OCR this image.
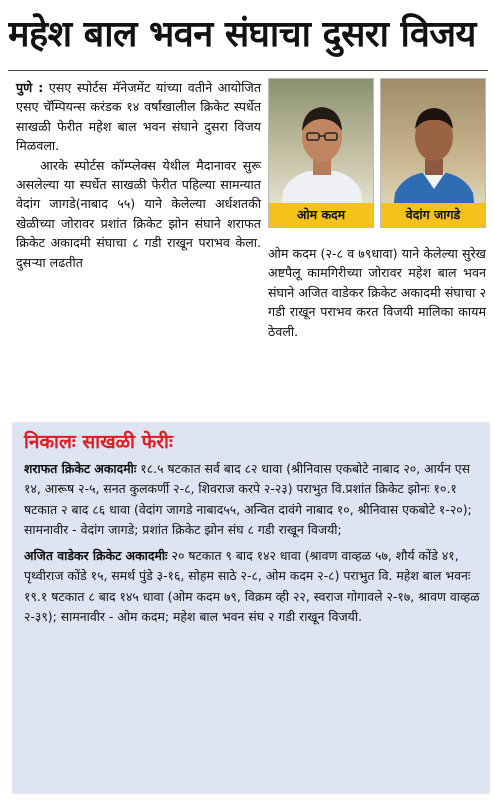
महेश बाल भवन संघाचा दुसरा विजय

पुणे : एसए स्पोर्टस मॅनेजमेंट यांच्या वतीने आयोजित एसए चॅम्पियन्स करंडक १४ वर्षांखालील क्रिकेट स्पर्धेत साखळी फेरीत महेश बाल भवन संघाने दुसरा विजय मिळवला.

आरके स्पोर्टस कॉम्प्लेक्स येथील मैदानावर सुरू असलेल्या या स्पर्धेत साखळी फेरीत पहिल्या सामन्यात वेदांग जागडे(नाबाद ५५) याने केलेल्या अर्धशतकी खेळीच्या जोरावर प्रशांत क्रिकेट झोन संघाने शराफत क्रिकेट अकादमी संघाचा ८ गडी राखून पराभव केला. दुसऱ्या लढतीत

ओम कदम	वेदांग जागडे
ओम कदम (२-८ व ७९धावा) याने केलेल्या सुरेख अष्टपैलू कामगिरीच्या जोरावर महेश बाल भवन संघाने अजित वाडेकर क्रिकेट अकादमी संघाचा २ गडी राखून पराभव करत विजयी मालिका कायम ठेवली.
निकालः साखळी फेरीः

शराफत क्रिकेट अकादमीः १८.५ षटकात सर्व बाद ८२ धावा (श्रीनिवास एकबोटे नाबाद २०, आर्यन एस १४, आरूष २-५, सनत कुलकर्णी २-८, शिवराज करपे २-२३) पराभुत वि.प्रशांत क्रिकेट झोनः १०.१ षटकात २ बाद ८६ धावा (वेदांग जागडे नाबाद५५, अन्वित दावंगे नाबाद १०, श्रीनिवास एकबोटे १-२०); सामनावीर - वेदांग जागडे; प्रशांत क्रिकेट झोन संघ ८ गडी राखून विजयी;

अजित वाडेकर क्रिकेट अकादमीः २० षटकात ९ बाद १४२ धावा (श्रावण वाव्हळ ५७, शौर्य कोंडे ४१, पृथ्वीराज कोंडे १५, समर्थ पुंडे ३-१६, सोहम साठे २-८, ओम कदम २-८) पराभुत वि. महेश बाल भवनः १९.१ षटकात ८ बाद १४५ धावा (ओम कदम ७९, विक्रम व्ही २२, स्वराज गोगावले २-१७, श्रावण वाव्हळ २-३९); सामनावीर - ओम कदम; महेश बाल भवन संघ २ गडी राखून विजयी.
